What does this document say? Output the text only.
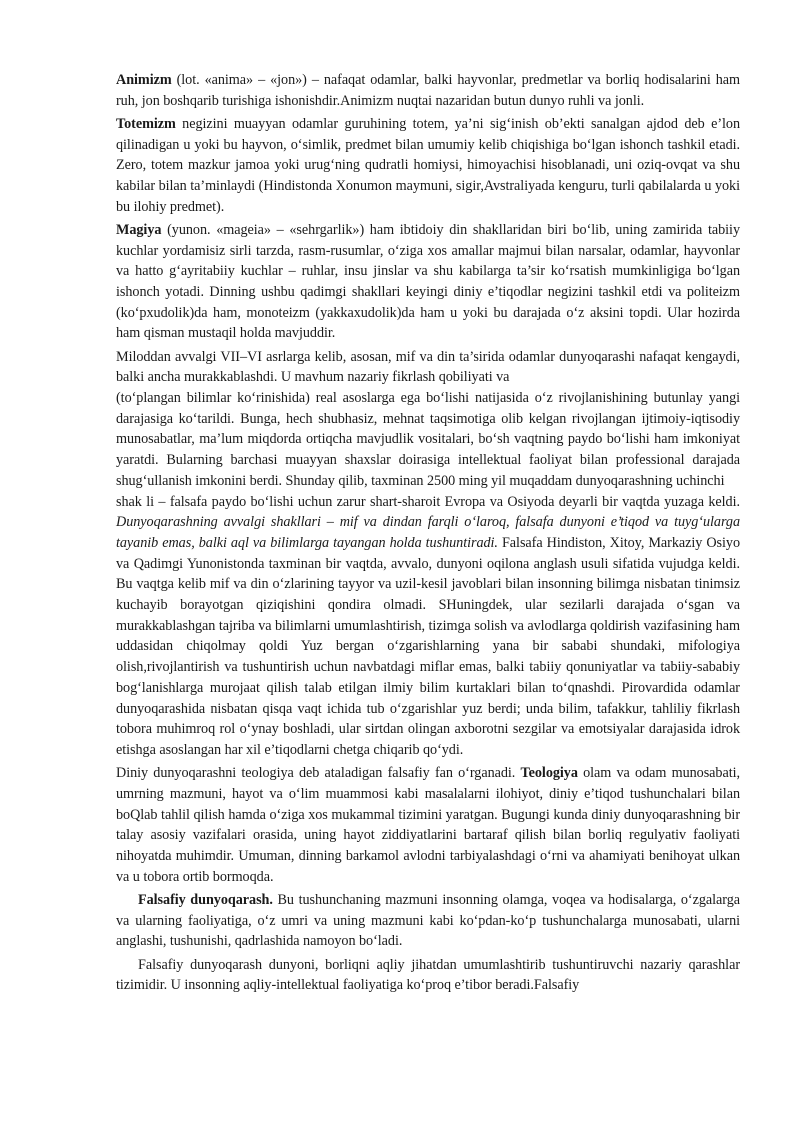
Animizm (lot. «anima» – «jon») – nafaqat odamlar, balki hayvonlar, predmetlar va borliq hodisalarini ham ruh, jon boshqarib turishiga ishonishdir.Animizm nuqtai nazaridan butun dunyo ruhli va jonli.

Totemizm negizini muayyan odamlar guruhining totem, ya’ni sig‘inish ob’ekti sanalgan ajdod deb e’lon qilinadigan u yoki bu hayvon, o‘simlik, predmet bilan umumiy kelib chiqishiga bo‘lgan ishonch tashkil etadi. Zero, totem mazkur jamoa yoki urug‘ning qudratli homiysi, himoyachisi hisoblanadi, uni oziq-ovqat va shu kabilar bilan ta’minlaydi (Hindistonda Xonumon maymuni, sigir,Avstraliyada kenguru, turli qabilalarda u yoki bu ilohiy predmet).

Magiya (yunon. «mageia» – «sehrgarlik») ham ibtidoiy din shakllaridan biri bo‘lib, uning zamirida tabiiy kuchlar yordamisiz sirli tarzda, rasm-rusumlar, o‘ziga xos amallar majmui bilan narsalar, odamlar, hayvonlar va hatto g‘ayritabiiy kuchlar – ruhlar, insu jinslar va shu kabilarga ta’sir ko‘rsatish mumkinligiga bo‘lgan ishonch yotadi. Dinning ushbu qadimgi shakllari keyingi diniy e’tiqodlar negizini tashkil etdi va politeizm (ko‘pxudolik)da ham, monoteizm (yakkaxudolik)da ham u yoki bu darajada o‘z aksini topdi. Ular hozirda ham qisman mustaqil holda mavjuddir.

Miloddan avvalgi VII–VI asrlarga kelib, asosan, mif va din ta’sirida odamlar dunyoqarashi nafaqat kengaydi, balki ancha murakkablashdi. U mavhum nazariy fikrlash qobiliyati va

(to‘plangan bilimlar ko‘rinishida) real asoslarga ega bo‘lishi natijasida o‘z rivojlanishining butunlay yangi darajasiga ko‘tarildi. Bunga, hech shubhasiz, mehnat taqsimotiga olib kelgan rivojlangan ijtimoiy-iqtisodiy munosabatlar, ma’lum miqdorda ortiqcha mavjudlik vositalari, bo‘sh vaqtning paydo bo‘lishi ham imkoniyat yaratdi. Bularning barchasi muayyan shaxslar doirasiga intellektual faoliyat bilan professional darajada shug‘ullanish imkonini berdi. Shunday qilib, taxminan 2500 ming yil muqaddam dunyoqarashning uchinchi

shak li – falsafa paydo bo‘lishi uchun zarur shart-sharoit Evropa va Osiyoda deyarli bir vaqtda yuzaga keldi. Dunyoqarashning avvalgi shakllari – mif va dindan farqli o‘laroq, falsafa dunyoni e’tiqod va tuyg‘ularga tayanib emas, balki aql va bilimlarga tayangan holda tushuntiradi. Falsafa Hindiston, Xitoy, Markaziy Osiyo va Qadimgi Yunonistonda taxminan bir vaqtda, avvalo, dunyoni oqilona anglash usuli sifatida vujudga keldi. Bu vaqtga kelib mif va din o‘zlarining tayyor va uzil-kesil javoblari bilan insonning bilimga nisbatan tinimsiz kuchayib borayotgan qiziqishini qondira olmadi. SHuningdek, ular sezilarli darajada o‘sgan va murakkablashgan tajriba va bilimlarni umumlashtirish, tizimga solish va avlodlarga qoldirish vazifasining ham uddasidan chiqolmay qoldi Yuz bergan o‘zgarishlarning yana bir sababi shundaki, mifologiya olish,rivojlantirish va tushuntirish uchun navbatdagi miflar emas, balki tabiiy qonuniyatlar va tabiiy-sababiy bog‘lanishlarga murojaat qilish talab etilgan ilmiy bilim kurtaklari bilan to‘qnashdi. Pirovardida odamlar dunyoqarashida nisbatan qisqa vaqt ichida tub o‘zgarishlar yuz berdi; unda bilim, tafakkur, tahliliy fikrlash tobora muhimroq rol o‘ynay boshladi, ular sirtdan olingan axborotni sezgilar va emotsiyalar darajasida idrok etishga asoslangan har xil e’tiqodlarni chetga chiqarib qo‘ydi.

Diniy dunyoqarashni teologiya deb ataladigan falsafiy fan o‘rganadi. Teologiya olam va odam munosabati, umrning mazmuni, hayot va o‘lim muammosi kabi masalalarni ilohiyot, diniy e’tiqod tushunchalari bilan boQlab tahlil qilish hamda o‘ziga xos mukammal tizimini yaratgan. Bugungi kunda diniy dunyoqarashning bir talay asosiy vazifalari orasida, uning hayot ziddiyatlarini bartaraf qilish bilan borliq regulyativ faoliyati nihoyatda muhimdir. Umuman, dinning barkamol avlodni tarbiyalashdagi o‘rni va ahamiyati benihoyat ulkan va u tobora ortib bormoqda.

Falsafiy dunyoqarash. Bu tushunchaning mazmuni insonning olamga, voqea va hodisalarga, o‘zgalarga va ularning faoliyatiga, o‘z umri va uning mazmuni kabi ko‘pdan-ko‘p tushunchalarga munosabati, ularni anglashi, tushunishi, qadrlashida namoyon bo‘ladi.

Falsafiy dunyoqarash dunyoni, borliqni aqliy jihatdan umumlashtirib tushuntiruvchi nazariy qarashlar tizimidir. U insonning aqliy-intellektual faoliyatiga ko‘proq e’tibor beradi.Falsafiy
